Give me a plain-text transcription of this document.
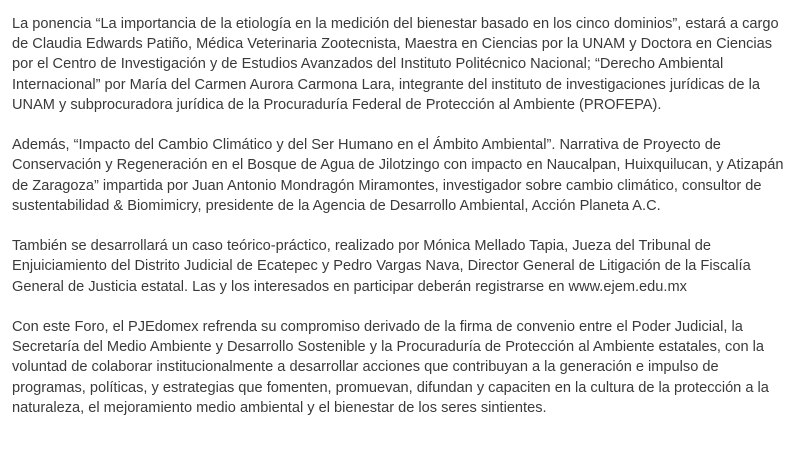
La ponencia “La importancia de la etiología en la medición del bienestar basado en los cinco dominios”, estará a cargo de Claudia Edwards Patiño, Médica Veterinaria Zootecnista, Maestra en Ciencias por la UNAM y Doctora en Ciencias por el Centro de Investigación y de Estudios Avanzados del Instituto Politécnico Nacional; “Derecho Ambiental Internacional” por María del Carmen Aurora Carmona Lara, integrante del instituto de investigaciones jurídicas de la UNAM y subprocuradora jurídica de la Procuraduría Federal de Protección al Ambiente (PROFEPA).

Además, “Impacto del Cambio Climático y del Ser Humano en el Ámbito Ambiental”. Narrativa de Proyecto de Conservación y Regeneración en el Bosque de Agua de Jilotzingo con impacto en Naucalpan, Huixquilucan, y Atizapán de Zaragoza” impartida por Juan Antonio Mondragón Miramontes, investigador sobre cambio climático, consultor de sustentabilidad & Biomimicry, presidente de la Agencia de Desarrollo Ambiental, Acción Planeta A.C.

También se desarrollará un caso teórico-práctico, realizado por Mónica Mellado Tapia, Jueza del Tribunal de Enjuiciamiento del Distrito Judicial de Ecatepec y Pedro Vargas Nava, Director General de Litigación de la Fiscalía General de Justicia estatal. Las y los interesados en participar deberán registrarse en www.ejem.edu.mx

Con este Foro, el PJEdomex refrenda su compromiso derivado de la firma de convenio entre el Poder Judicial, la Secretaría del Medio Ambiente y Desarrollo Sostenible y la Procuraduría de Protección al Ambiente estatales, con la voluntad de colaborar institucionalmente a desarrollar acciones que contribuyan a la generación e impulso de programas, políticas, y estrategias que fomenten, promuevan, difundan y capaciten en la cultura de la protección a la naturaleza, el mejoramiento medio ambiental y el bienestar de los seres sintientes.
